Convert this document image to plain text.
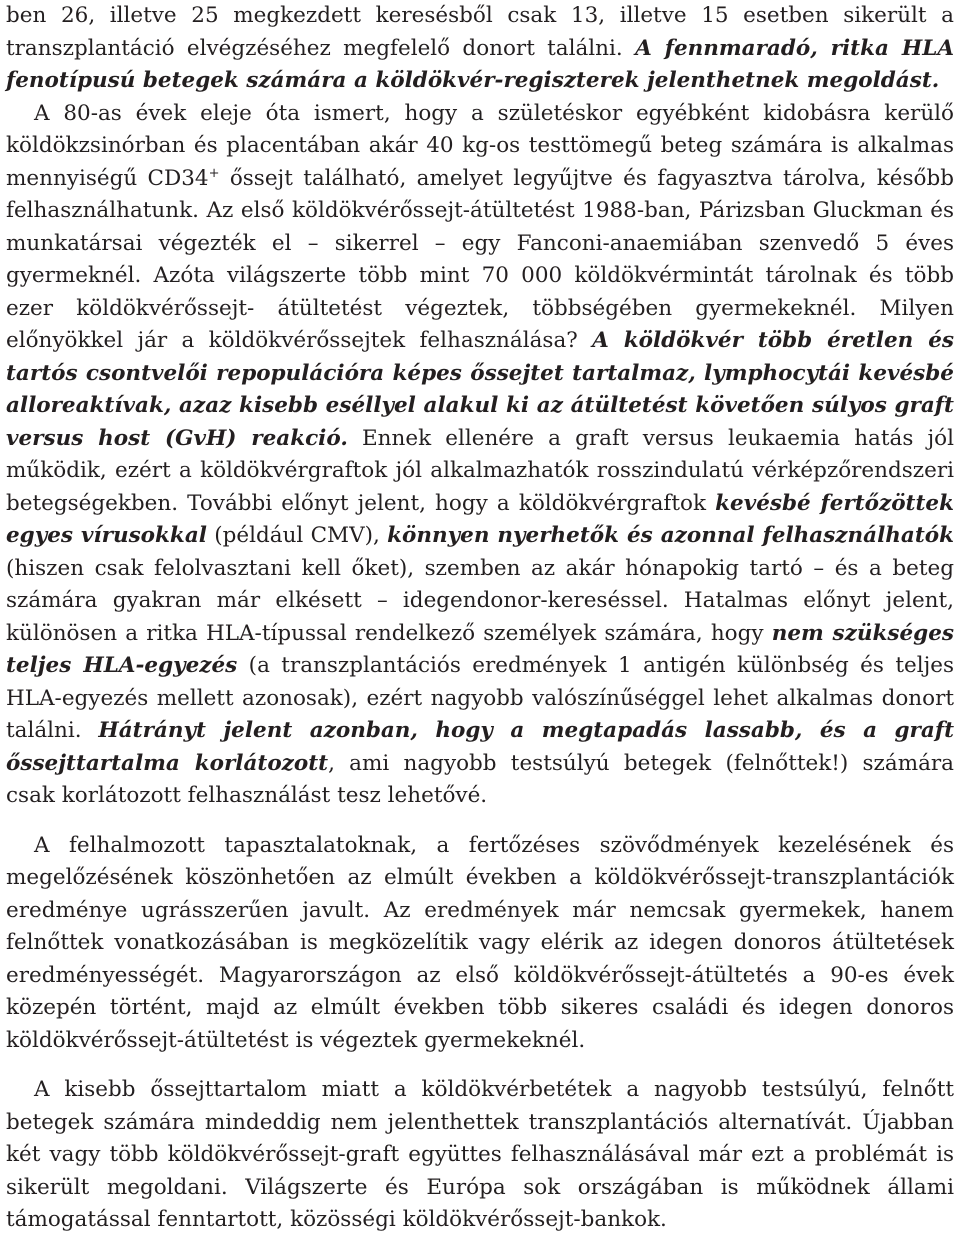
ben 26, illetve 25 megkezdett keresésből csak 13, illetve 15 esetben sikerült a transzplantáció elvégzéséhez megfelelő donort találni. A fennmaradó, ritka HLA fenotípusú betegek számára a köldökvér-regiszterek jelenthetnek megoldást.

A 80-as évek eleje óta ismert, hogy a születéskor egyébként kidobásra kerülő köldökzsinórban és placentában akár 40 kg-os testtömegű beteg számára is alkalmas mennyiségű CD34+ őssejt található, amelyet legyűjtve és fagyasztva tárolva, később felhasználhatunk. Az első köldökvérőssejt-átültetést 1988-ban, Párizsban Gluckman és munkatársai végezték el – sikerrel – egy Fanconi-anaemiában szenvedő 5 éves gyermeknél. Azóta világszerte több mint 70 000 köldökvérmintát tárolnak és több ezer köldökvérőssejt- átültetést végeztek, többségében gyermekeknél. Milyen előnyökkel jár a köldökvérőssejtek felhasználása? A köldökvér több éretlen és tartós csontvelői repopulációra képes őssejtet tartalmaz, lymphocytái kevésbé alloreaktívak, azaz kisebb eséllyel alakul ki az átültetést követően súlyos graft versus host (GvH) reakció. Ennek ellenére a graft versus leukaemia hatás jól működik, ezért a köldökvérgraftok jól alkalmazhatók rosszindulatú vérképzőrendszeri betegségekben. További előnyt jelent, hogy a köldökvérgraftok kevésbé fertőzöttek egyes vírusokkal (például CMV), könnyen nyerhetők és azonnal felhasználhatók (hiszen csak felolvasztani kell őket), szemben az akár hónapokig tartó – és a beteg számára gyakran már elkésett – idegendonor-kereséssel. Hatalmas előnyt jelent, különösen a ritka HLA-típussal rendelkező személyek számára, hogy nem szükséges teljes HLA-egyezés (a transzplantációs eredmények 1 antigén különbség és teljes HLA-egyezés mellett azonosak), ezért nagyobb valószínűséggel lehet alkalmas donort találni. Hátrányt jelent azonban, hogy a megtapadás lassabb, és a graft őssejttartalma korlátozott, ami nagyobb testsúlyú betegek (felnőttek!) számára csak korlátozott felhasználást tesz lehetővé.

A felhalmozott tapasztalatoknak, a fertőzéses szövődmények kezelésének és megelőzésének köszönhetően az elmúlt években a köldökvérőssejt-transzplantációk eredménye ugrásszerűen javult. Az eredmények már nemcsak gyermekek, hanem felnőttek vonatkozásában is megközelítik vagy elérik az idegen donoros átültetések eredményességét. Magyarországon az első köldökvérőssejt-átültetés a 90-es évek közepén történt, majd az elmúlt években több sikeres családi és idegen donoros köldökvérőssejt-átültetést is végeztek gyermekeknél.

A kisebb őssejttartalom miatt a köldökvérbetétek a nagyobb testsúlyú, felnőtt betegek számára mindeddig nem jelenthettek transzplantációs alternatívát. Újabban két vagy több köldökvérőssejt-graft együttes felhasználásával már ezt a problémát is sikerült megoldani. Világszerte és Európa sok országában is működnek állami támogatással fenntartott, közösségi köldökvérőssejt-bankok.
